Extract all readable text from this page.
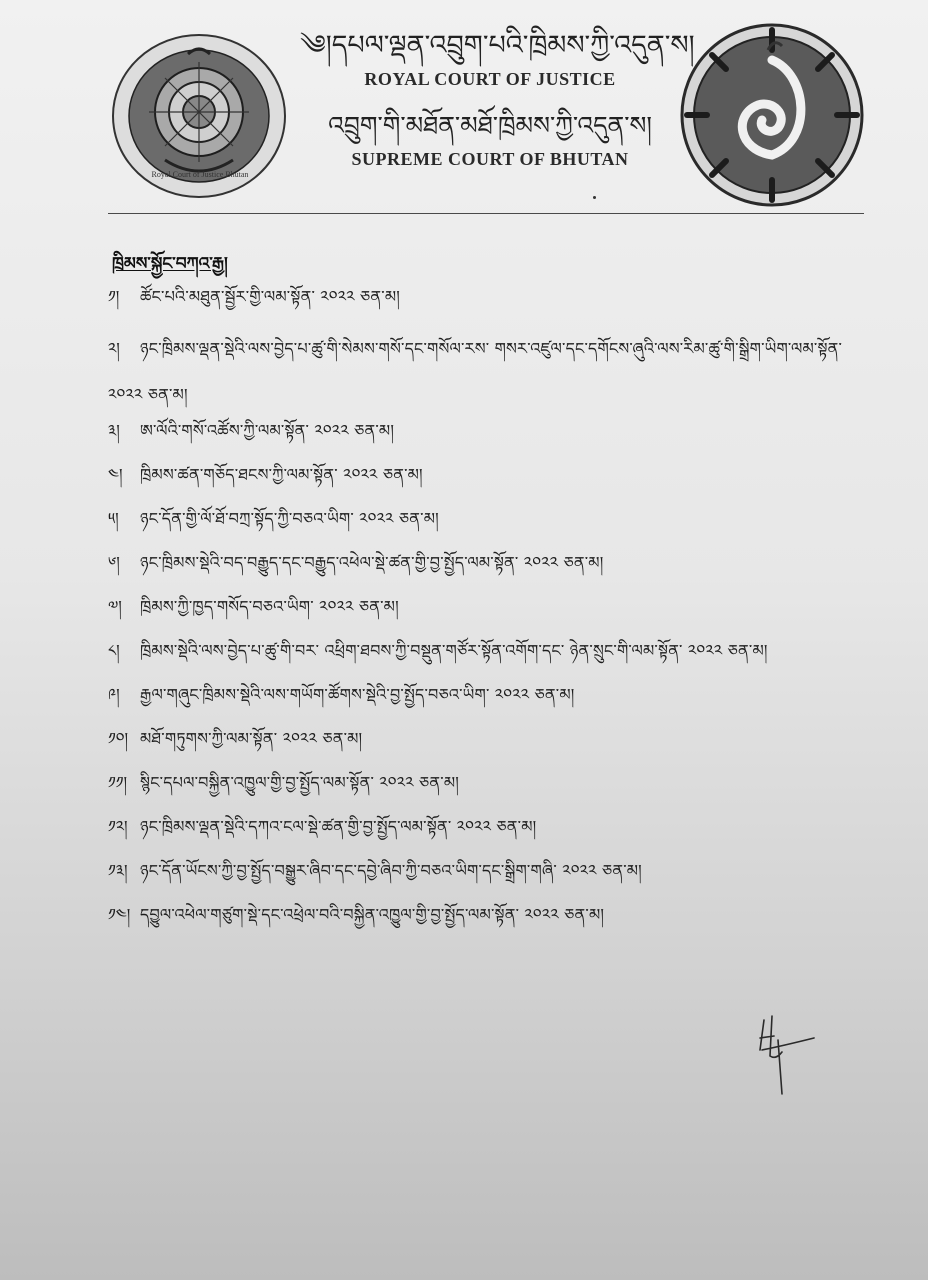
Royal Court of Justice Bhutan
༄།དཔལ་ལྡན་འབྲུག་པའི་ཁྲིམས་ཀྱི་འདུན་ས།
ROYAL COURT OF JUSTICE
འབྲུག་གི་མཐོན་མཐོ་ཁྲིམས་ཀྱི་འདུན་ས།
SUPREME COURT OF BHUTAN
ཁྲིམས་སྐྱོང་བཀའ་རྒྱ།
༡།	ཚོང་པའི་མཐུན་སྦྱོར་གྱི་ལམ་སྟོན་ ༢༠༢༢ ཅན་མ།
༢། ཉང་ཁྲིམས་ལྡན་སྡེའི་ལས་བྱེད་པ་ཚུ་གི་སེམས་གསོ་དང་གསོལ་རས་ གསར་འཛུལ་དང་དགོངས་ཞུའི་ལས་རིམ་ཚུ་གི་སྒྲིག་ཡིག་ལམ་སྟོན་ ༢༠༢༢ ཅན་མ།
༣།	ཨ་ལོའི་གསོ་འཚོས་ཀྱི་ལམ་སྟོན་ ༢༠༢༢ ཅན་མ།
༤།	ཁྲིམས་ཚན་གཅོད་ཐངས་ཀྱི་ལམ་སྟོན་ ༢༠༢༢ ཅན་མ།
༥།	ཉང་དོན་གྱི་ལོ་ཐོ་བཀྲ་སྟོད་ཀྱི་བཅའ་ཡིག་ ༢༠༢༢ ཅན་མ།
༦།	ཉང་ཁྲིམས་སྡེའི་བད་བརྒྱུད་དང་བརྒྱུད་འཕེལ་སྡེ་ཚན་གྱི་བྱ་སྤྱོད་ལམ་སྟོན་ ༢༠༢༢ ཅན་མ།
༧།	ཁྲིམས་ཀྱི་ཁྱད་གསོད་བཅའ་ཡིག་ ༢༠༢༢ ཅན་མ།
༨།	ཁྲིམས་སྡེའི་ལས་བྱེད་པ་ཚུ་གི་བར་ འཕྲིག་ཐབས་ཀྱི་བསྡུན་གཙོར་སྟོན་འགོག་དང་ ཉེན་སྲུང་གི་ལམ་སྟོན་ ༢༠༢༢ ཅན་མ།
༩།	རྒྱལ་གཞུང་ཁྲིམས་སྡེའི་ལས་གཡོག་ཚོགས་སྡེའི་བྱ་སྤྱོད་བཅའ་ཡིག་ ༢༠༢༢ ཅན་མ།
༡༠། མཐོ་གཏུགས་ཀྱི་ལམ་སྟོན་ ༢༠༢༢ ཅན་མ།
༡༡། སྙིང་དཔལ་བསྐྱིན་འཁྱུལ་གྱི་བྱ་སྤྱོད་ལམ་སྟོན་ ༢༠༢༢ ཅན་མ།
༡༢། ཉང་ཁྲིམས་ལྡན་སྡེའི་དཀའ་ངལ་སྡེ་ཚན་གྱི་བྱ་སྤྱོད་ལམ་སྟོན་ ༢༠༢༢ ཅན་མ།
༡༣། ཉང་དོན་ཡོངས་ཀྱི་བྱ་སྤྱོད་བསྒྱུར་ཞིབ་དང་དབྱེ་ཞིབ་ཀྱི་བཅའ་ཡིག་དང་སྒྲིག་གཞི་ ༢༠༢༢ ཅན་མ།
༡༤། དབྱུལ་འཕེལ་གཙུག་སྡེ་དང་འཕྲེལ་བའི་བསྐྱིན་འཁྱུལ་གྱི་བྱ་སྤྱོད་ལམ་སྟོན་ ༢༠༢༢ ཅན་མ།
